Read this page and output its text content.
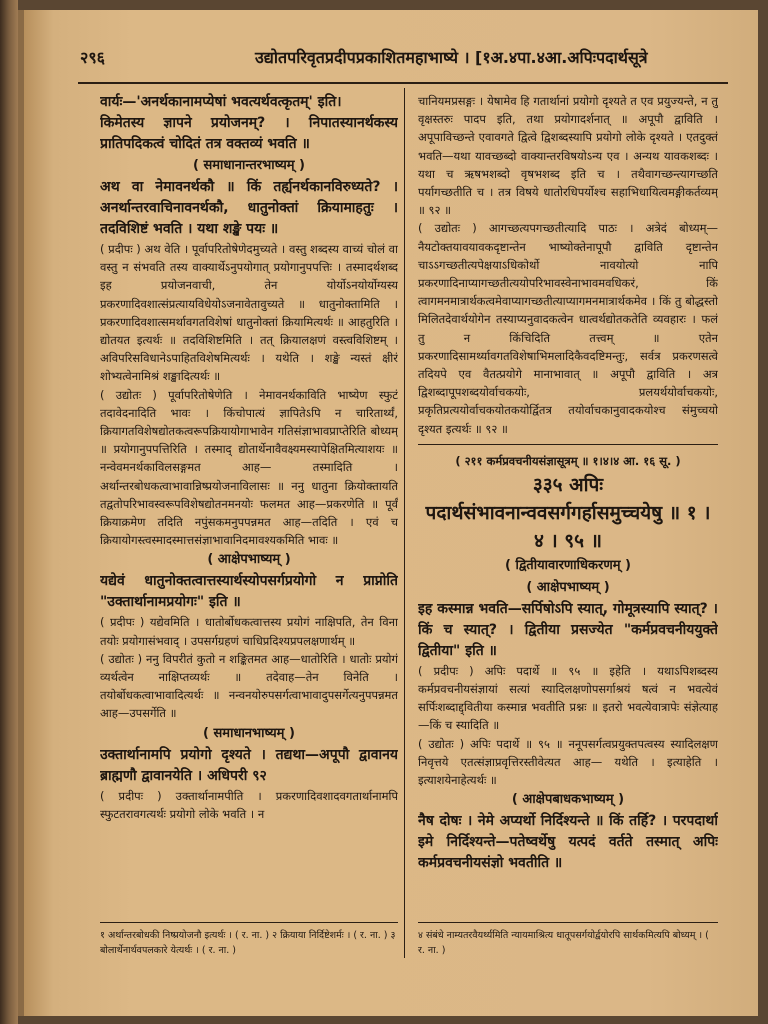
२९६	उद्योतपरिवृतप्रदीपप्रकाशितमहाभाष्ये । [१अ.४पा.४आ.अपिःपदार्थसूत्रे

वार्यः—'अनर्थकानामप्येषां भवत्यर्थवत्कृतम्' इति।

किमेतस्य ज्ञापने प्रयोजनम्? । निपातस्यानर्थकस्य प्रातिपदिकत्वं चोदितं तत्र वक्तव्यं भवति ॥

( समाधानान्तरभाष्यम् )

अथ वा नेमावनर्थकौ ॥ किं तर्ह्यनर्थकानविरुध्यते? । अनर्थान्तरवाचिनावनर्थकौ, धातुनोक्तां क्रियामाहतुः । तदविशिष्टं भवति । यथा शङ्खे पयः ॥

( प्रदीपः ) अथ वेति । पूर्वापरितोषेणेदमुच्यते । वस्तु शब्दस्य वाच्यं चोलं वा वस्तु न संभवति तस्य वाक्यार्थेऽनुपयोगात् प्रयोगानुपपत्तिः । तस्मादर्थशब्द इह प्रयोजनवाची, तेन योर्योऽनयोर्योग्यस्य प्रकरणादिवशात्संप्रत्यायविधेयोऽजनावेतावुच्यते ॥ धातुनोक्तामिति । प्रकरणादिवशात्समर्थावगतविशेषां धातुनोक्तां क्रियामित्यर्थः ॥ आहतुरिति । द्योतयत इत्यर्थः ॥ तदविशिष्टमिति । तत् क्रियालक्षणं वस्त्वविशिष्टम् । अविपरिसविधानेऽपाहितविशेषमित्यर्थः । यथेति । शङ्खे न्यस्तं क्षीरं शोभ्यत्वेनामिश्रं शङ्खादित्यर्थः ॥

( उद्योतः ) पूर्वापरितोषेणेति । नेमावनर्थकाविति भाष्येण स्फुटं तदावेदनादिति भावः । किंचोपात्यं ज्ञापितेऽपि न चारितार्थ्यं, क्रियागतविशेषद्योतकत्वरूपक्रियायोगाभावेन गतिसंज्ञाभावप्राप्तेरिति बोध्यम् ॥ प्रयोगानुपपत्तिरिति । तस्माद् द्योतार्थेनावैवक्ष्यमस्यापेक्षितमित्याशयः ॥ नन्वेवमनर्थकाविलसङ्गमत आह— तस्मादिति । अर्थान्तरबोधकत्वाभावान्निष्प्रयोजनाविलासः ॥ ननु धातुना क्रियोक्तायति तद्वतोपरिभावस्वरूपविशेषद्योतनमनयोः फलमत आह—प्रकरणेति ॥ पूर्वं क्रियाक्रमेण तदिति नपुंसकमनुपपन्नमत आह—तदिति । एवं च क्रियायोगस्त्वस्मादस्मात्तसंज्ञाभावानिदमावश्यकमिति भावः ॥

( आक्षेपभाष्यम् )

यद्येवं धातुनोक्तत्वात्तस्यार्थस्योपसर्गप्रयोगो न प्राप्नोति "उक्तार्थानामप्रयोगः" इति ॥

( प्रदीपः ) यद्येवमिति । धातोर्बोधकत्वात्तस्य प्रयोगं नाक्षिपति, तेन विना तयोः प्रयोगासंभवाद् । उपसर्गग्रहणं चाधिप्रदिश्यप्रपलक्षणार्थम् ॥

( उद्योतः ) ननु विपरीतं कुतो न शङ्कितमत आह—धातोरिति । धातोः प्रयोगं व्यर्थत्वेन नाक्षिप्तव्यर्थः ॥ तदेवाह—तेन विनेति । तयोर्बोधकत्वाभावादित्यर्थः ॥ नन्वनयोरुपसर्गत्वाभावादुपसर्गेत्यनुपपन्नमत आह—उपसर्गेति ॥

( समाधानभाष्यम् )

उक्तार्थानामपि प्रयोगो दृश्यते । तद्यथा—अपूपौ द्वावानय ब्राह्मणौ द्वावानयेति । अधिपरी ९२

( प्रदीपः ) उक्तार्थानामपीति । प्रकरणादिवशादवगतार्थानामपि स्फुटतरावगत्यर्थः प्रयोगो लोके भवति । न

चानियमप्रसङ्गः । येषामेव हि गतार्थानां प्रयोगो दृश्यते त एव प्रयुज्यन्ते, न तु वृक्षस्तरुः पादप इति, तथा प्रयोगादर्शनात् ॥ अपूपौ द्वाविति । अपूपाविच्छन्ते एवावगते द्वित्वे द्विशब्दस्यापि प्रयोगो लोके दृश्यते । एतदुक्तं भवति—यथा यावच्छब्दो वाक्यान्तरविषयोऽन्य एव । अन्यथ यावकशब्दः । यथा च ऋषभशब्दो वृषभशब्द इति च । तथैवागच्छन्त्यागच्छति पर्यागच्छतीति च । तत्र विषये धातोरधिपर्योश्च सहाभिधायित्वमङ्गीकर्तव्यम् ॥ ९२ ॥

( उद्योतः ) आगच्छत्यपगच्छतीत्यादि पाठः । अत्रेदं बोध्यम्—नैयटोक्तयावयावकदृष्टान्तेन भाष्योक्तेनापूपौ द्वाविति दृष्टान्तेन चाऽऽगच्छतीत्यपेक्षयाऽधिकोर्थो नावयोत्यो नापि प्रकरणादिनाप्यागच्छतीत्ययोपरिभावस्वेनाभावमवधिकरं, किं त्वागमनमात्रार्थकत्वमेवाप्यागच्छतीत्याप्यागमनमात्रार्थकमेव । किं तु बोद्धस्तो मिलितदेवार्थयोगेन तस्याप्यनुवादकत्वेन धात्वर्थद्योतकतेति व्यवहारः । फलं तु न किंचिदिति तत्त्वम् ॥ एतेन प्रकरणादिसामर्थ्यावगतविशेषाभिमलादिकैवदष्टिमन्तुः, सर्वत्र प्रकरणसत्वे तदियपे एव वैतत्प्रयोगे मानाभावात् ॥ अपूपौ द्वाविति । अत्र द्विशब्दापूपशब्दयोर्वाचकयोः, प्रलयर्थयोर्वाचकयोः, प्रकृतिप्रत्ययोर्वाचकयोतकयोर्द्वितत्र तयोर्वाचकानुवादकयोश्च संमुच्चयो दृश्यत इत्यर्थः ॥ ९२ ॥

( २११ कर्मप्रवचनीयसंज्ञासूत्रम् ॥ १।४।४ आ. १६ सू. )
३३५ अपिः पदार्थसंभावनान्ववसर्गगर्हासमुच्चयेषु ॥ १ । ४ । ९५ ॥
( द्वितीयावारणाधिकरणम् )
( आक्षेपभाष्यम् )

इह कस्मान्न भवति—सर्पिषोऽपि स्यात्, गोमूत्रस्यापि स्यात्? । किं च स्यात्? । द्वितीया प्रसज्येत "कर्मप्रवचनीययुक्ते द्वितीया" इति ॥

( प्रदीपः ) अपिः पदार्थे ॥ ९५ ॥ इहेति । यथाऽपिशब्दस्य कर्मप्रवचनीयसंज्ञायां सत्यां स्यादिलक्षणोपसर्गाश्रयं षत्वं न भवत्येवं सर्पिःशब्दाद्द्वितीया कस्मान्न भवतीति प्रश्नः ॥ इतरो भवत्येवात्रापेः संज्ञेत्याह—किं च स्यादिति ॥

( उद्योतः ) अपिः पदार्थे ॥ ९५ ॥ ननूपसर्गत्वप्रयुक्तपत्वस्य स्यादिलक्षण निवृत्तये एतत्संज्ञाप्रवृत्तिरस्तीवेत्यत आह— यथेति । इत्याहेति । इत्याशयेनाहेत्यर्थः ॥

( आक्षेपबाधकभाष्यम् )

नैष दोषः । नेमे अप्यर्थो निर्दिश्यन्ते ॥ किं तर्हि? । परपदार्था इमे निर्दिश्यन्ते—पतेष्वर्थेषु यत्पदं वर्तते तस्मात् अपिः कर्मप्रवचनीयसंज्ञो भवतीति ॥

१ अर्थान्तरबोधकी निष्प्रयोजनौ इत्यर्थः । ( र. ना. ) २ क्रियाया निर्दिष्टेशर्मः । ( र. ना. ) ३ बोलार्थेनार्थवपलकारे येत्यर्थः । ( र. ना. )
४ संबंधे नाम्यतरवैयर्थ्यमिति न्यायमाश्रित्य धातूपसर्गयोर्द्वयोरपि सार्थकमित्यपि बोध्यम् । ( र. ना. )
